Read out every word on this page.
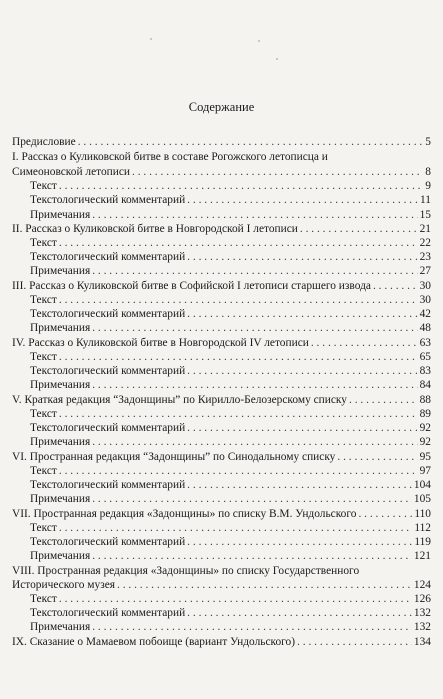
Содержание
Предисловие . . .	5
I. Рассказ о Куликовской битве в составе Рогожского летописца и
Симеоновской летописи . . .	8
Текст . . .	9
Текстологический комментарий . . .	11
Примечания . . .	15
II. Рассказ о Куликовской битве в Новгородской I летописи . . .	21
Текст . . .	22
Текстологический комментарий . . .	23
Примечания . . .	27
III. Рассказ о Куликовской битве в Софийской I летописи старшего извода . . .	30
Текст . . .	30
Текстологический комментарий . . .	42
Примечания . . .	48
IV. Рассказ о Куликовской битве в Новгородской IV летописи . . .	63
Текст . . .	65
Текстологический комментарий . . .	83
Примечания . . .	84
V. Краткая редакция “Задонщины” по Кирилло-Белозерскому списку . . .	88
Текст . . .	89
Текстологический комментарий . . .	92
Примечания . . .	92
VI. Пространная редакция “Задонщины” по Синодальному списку . . .	95
Текст . . .	97
Текстологический комментарий . . .	104
Примечания . . .	105
VII. Пространная редакция «Задонщины» по списку В.М. Ундольского . . .	110
Текст . . .	112
Текстологический комментарий . . .	119
Примечания . . .	121
VIII. Пространная редакция «Задонщины» по списку Государственного
Исторического музея . . .	124
Текст . . .	126
Текстологический комментарий . . .	132
Примечания . . .	132
IX. Сказание о Мамаевом побоище (вариант Ундольского) . . .	134
